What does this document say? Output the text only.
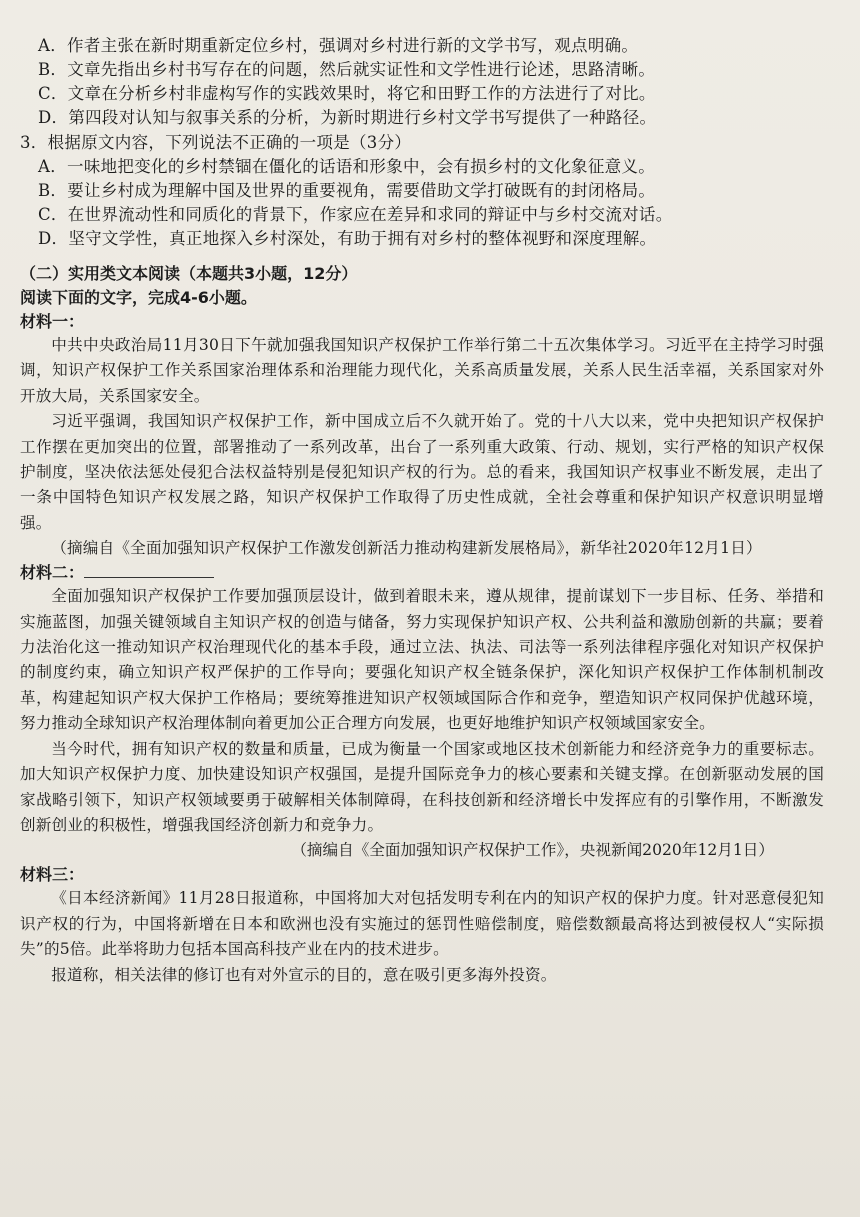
A．作者主张在新时期重新定位乡村，强调对乡村进行新的文学书写，观点明确。

B．文章先指出乡村书写存在的问题，然后就实证性和文学性进行论述，思路清晰。

C．文章在分析乡村非虚构写作的实践效果时，将它和田野工作的方法进行了对比。

D．第四段对认知与叙事关系的分析，为新时期进行乡村文学书写提供了一种路径。

3．根据原文内容，下列说法不正确的一项是（3分）

A．一味地把变化的乡村禁锢在僵化的话语和形象中，会有损乡村的文化象征意义。

B．要让乡村成为理解中国及世界的重要视角，需要借助文学打破既有的封闭格局。

C．在世界流动性和同质化的背景下，作家应在差异和求同的辩证中与乡村交流对话。

D．坚守文学性，真正地探入乡村深处，有助于拥有对乡村的整体视野和深度理解。

（二）实用类文本阅读（本题共3小题，12分）

阅读下面的文字，完成4-6小题。

材料一：

中共中央政治局11月30日下午就加强我国知识产权保护工作举行第二十五次集体学习。习近平在主持学习时强调，知识产权保护工作关系国家治理体系和治理能力现代化，关系高质量发展，关系人民生活幸福，关系国家对外开放大局，关系国家安全。

习近平强调，我国知识产权保护工作，新中国成立后不久就开始了。党的十八大以来，党中央把知识产权保护工作摆在更加突出的位置，部署推动了一系列改革，出台了一系列重大政策、行动、规划，实行严格的知识产权保护制度，坚决依法惩处侵犯合法权益特别是侵犯知识产权的行为。总的看来，我国知识产权事业不断发展，走出了一条中国特色知识产权发展之路，知识产权保护工作取得了历史性成就，全社会尊重和保护知识产权意识明显增强。

（摘编自《全面加强知识产权保护工作激发创新活力推动构建新发展格局》，新华社2020年12月1日）

材料二：

全面加强知识产权保护工作要加强顶层设计，做到着眼未来，遵从规律，提前谋划下一步目标、任务、举措和实施蓝图，加强关键领域自主知识产权的创造与储备，努力实现保护知识产权、公共利益和激励创新的共赢；要着力法治化这一推动知识产权治理现代化的基本手段，通过立法、执法、司法等一系列法律程序强化对知识产权保护的制度约束，确立知识产权严保护的工作导向；要强化知识产权全链条保护，深化知识产权保护工作体制机制改革，构建起知识产权大保护工作格局；要统筹推进知识产权领域国际合作和竞争，塑造知识产权同保护优越环境，努力推动全球知识产权治理体制向着更加公正合理方向发展，也更好地维护知识产权领域国家安全。

当今时代，拥有知识产权的数量和质量，已成为衡量一个国家或地区技术创新能力和经济竞争力的重要标志。加大知识产权保护力度、加快建设知识产权强国，是提升国际竞争力的核心要素和关键支撑。在创新驱动发展的国家战略引领下，知识产权领域要勇于破解相关体制障碍，在科技创新和经济增长中发挥应有的引擎作用，不断激发创新创业的积极性，增强我国经济创新力和竞争力。

（摘编自《全面加强知识产权保护工作》，央视新闻2020年12月1日）

材料三：

《日本经济新闻》11月28日报道称，中国将加大对包括发明专利在内的知识产权的保护力度。针对恶意侵犯知识产权的行为，中国将新增在日本和欧洲也没有实施过的惩罚性赔偿制度，赔偿数额最高将达到被侵权人“实际损失”的5倍。此举将助力包括本国高科技产业在内的技术进步。

报道称，相关法律的修订也有对外宣示的目的，意在吸引更多海外投资。
